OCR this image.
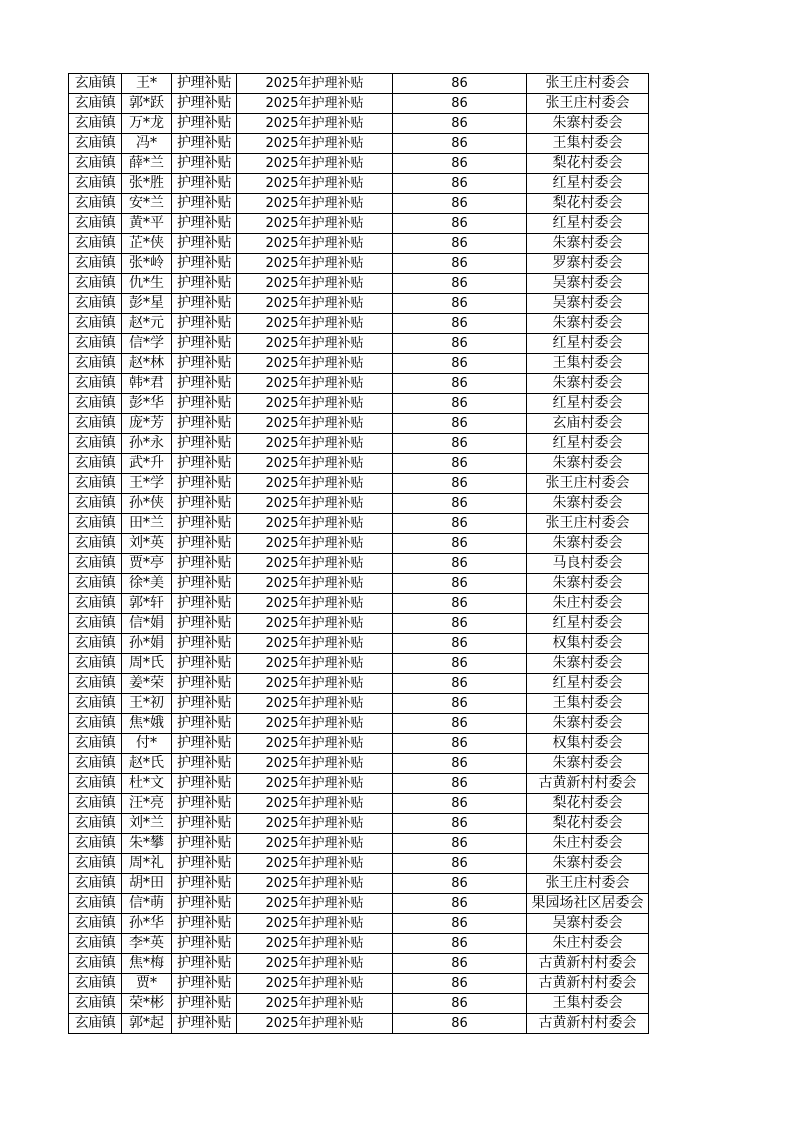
玄庙镇	王*	护理补贴	2025年护理补贴	86	张王庄村委会
玄庙镇	郭*跃	护理补贴	2025年护理补贴	86	张王庄村委会
玄庙镇	万*龙	护理补贴	2025年护理补贴	86	朱寨村委会
玄庙镇	冯*	护理补贴	2025年护理补贴	86	王集村委会
玄庙镇	薛*兰	护理补贴	2025年护理补贴	86	梨花村委会
玄庙镇	张*胜	护理补贴	2025年护理补贴	86	红星村委会
玄庙镇	安*兰	护理补贴	2025年护理补贴	86	梨花村委会
玄庙镇	黄*平	护理补贴	2025年护理补贴	86	红星村委会
玄庙镇	芷*侠	护理补贴	2025年护理补贴	86	朱寨村委会
玄庙镇	张*岭	护理补贴	2025年护理补贴	86	罗寨村委会
玄庙镇	仇*生	护理补贴	2025年护理补贴	86	吴寨村委会
玄庙镇	彭*星	护理补贴	2025年护理补贴	86	吴寨村委会
玄庙镇	赵*元	护理补贴	2025年护理补贴	86	朱寨村委会
玄庙镇	信*学	护理补贴	2025年护理补贴	86	红星村委会
玄庙镇	赵*林	护理补贴	2025年护理补贴	86	王集村委会
玄庙镇	韩*君	护理补贴	2025年护理补贴	86	朱寨村委会
玄庙镇	彭*华	护理补贴	2025年护理补贴	86	红星村委会
玄庙镇	庞*芳	护理补贴	2025年护理补贴	86	玄庙村委会
玄庙镇	孙*永	护理补贴	2025年护理补贴	86	红星村委会
玄庙镇	武*升	护理补贴	2025年护理补贴	86	朱寨村委会
玄庙镇	王*学	护理补贴	2025年护理补贴	86	张王庄村委会
玄庙镇	孙*侠	护理补贴	2025年护理补贴	86	朱寨村委会
玄庙镇	田*兰	护理补贴	2025年护理补贴	86	张王庄村委会
玄庙镇	刘*英	护理补贴	2025年护理补贴	86	朱寨村委会
玄庙镇	贾*亭	护理补贴	2025年护理补贴	86	马良村委会
玄庙镇	徐*美	护理补贴	2025年护理补贴	86	朱寨村委会
玄庙镇	郭*轩	护理补贴	2025年护理补贴	86	朱庄村委会
玄庙镇	信*娟	护理补贴	2025年护理补贴	86	红星村委会
玄庙镇	孙*娟	护理补贴	2025年护理补贴	86	权集村委会
玄庙镇	周*氏	护理补贴	2025年护理补贴	86	朱寨村委会
玄庙镇	姜*荣	护理补贴	2025年护理补贴	86	红星村委会
玄庙镇	王*初	护理补贴	2025年护理补贴	86	王集村委会
玄庙镇	焦*娥	护理补贴	2025年护理补贴	86	朱寨村委会
玄庙镇	付*	护理补贴	2025年护理补贴	86	权集村委会
玄庙镇	赵*氏	护理补贴	2025年护理补贴	86	朱寨村委会
玄庙镇	杜*文	护理补贴	2025年护理补贴	86	古黄新村村委会
玄庙镇	汪*亮	护理补贴	2025年护理补贴	86	梨花村委会
玄庙镇	刘*兰	护理补贴	2025年护理补贴	86	梨花村委会
玄庙镇	朱*攀	护理补贴	2025年护理补贴	86	朱庄村委会
玄庙镇	周*礼	护理补贴	2025年护理补贴	86	朱寨村委会
玄庙镇	胡*田	护理补贴	2025年护理补贴	86	张王庄村委会
玄庙镇	信*萌	护理补贴	2025年护理补贴	86	果园场社区居委会
玄庙镇	孙*华	护理补贴	2025年护理补贴	86	吴寨村委会
玄庙镇	李*英	护理补贴	2025年护理补贴	86	朱庄村委会
玄庙镇	焦*梅	护理补贴	2025年护理补贴	86	古黄新村村委会
玄庙镇	贾*	护理补贴	2025年护理补贴	86	古黄新村村委会
玄庙镇	荣*彬	护理补贴	2025年护理补贴	86	王集村委会
玄庙镇	郭*起	护理补贴	2025年护理补贴	86	古黄新村村委会
